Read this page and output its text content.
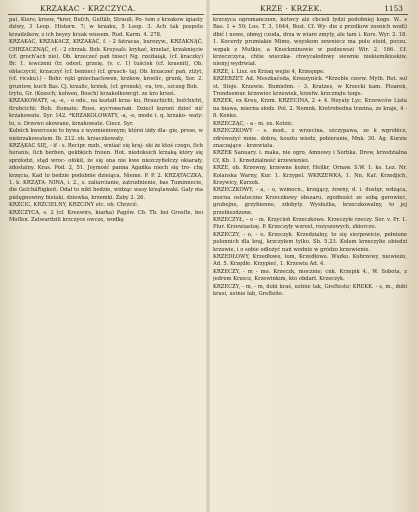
KRZAKAC · KRZCZYCA.	KRZE · KRZEK.	1153

pa). Kiers; krsow, *krer, Buſch, Geſtäb, Strauß; Po- tem z krzakow igiasty dziwy, 3 Leop. Historn. 7; w krzaku, 5 Leop. 3. Ach tak pospolu krzadzikow, z ich beyey krzak wiosem. Rud. Karm. 4. 278.

KRZAKAC, KRZAKACZ, KRZAKAĆ, f. - 2 fatracas, kurezyw., KRZAKNĄĆ, CHRZACZNĄĆ, cf. - 2 chrzak. Bob. Kreysaſs. krykać, krzelać, krzaknięcie (cf. groch'ach nie). Ob. krzeczeć pań tniec) Ng. rzeżłaiąk, (cf. kraczky) Br. 1. iewczeni (tr. odest. grzeię. (v. c. 1) tuścisk (cf. krasnit), Ob. oblaczycić, krzaczyć (cf. bemiec) (cf. grusch- taj. Ob. krzaczeć pań, ztżyt, (cf. ricsku).) - Bohr. ręki gniechaclowen, krzkow, kroelic, grunk, Sor. 2. gruntow, kuch Bas. Cj. krzalic, krziek, (cf. gronok), -ra, tro., szczeg Bob.

trytu, Gr. (Kozsch; kolwen, Bosch) krzakołkowcgt. ze kro krsoś.

KRZAKOWATY, -a, -e, - o ode., na kształt krza- ku, ftrauchicht, buſchicht, ſtrubcicht; Bob. ſtomato; Ross. кустоватый. Dziecł kuroni dzieć nić krzakowate. Syr. 142. *KRZAKOLOWATY, -a, -e, mode i. q. krzako- waty: to, o. Drzewo okowane, krzakowate. Ciecz. Syr.

Kolnich kwercosie to bywa z wyzmienionym; którzi iżdy dla- gie, prose, w niekrzakowatem. Ib. 212. ob. krzaczkowaty.

KRZĄKAC SIĘ, - if - s. Recipr. mzb., wniiać się kraj- ski że ktoś czego, ſich heranis, ſich berben, gekbkich freien. Hot. niedoksich krzaką który się sprzłodzi, stąd wroc- ofokił, że się ona nie kwe niezczyfiełczy okiarały, zdostalny. Kras. Pod. 2, 51. Jeymość panna Agańka niech się tro- chę krzęcia, Kad to bedzie podobnie dzieiąca. Nieme. P. P. 2. KRZĄTACZKA, 1. k. KRZĄTA- NINA, i. 2., s. zaliarcianie, zatrudnienie, bas Tuminnecie, die Geſchäftigkeit. Odał to nikt bedzie, widząc wasy krzątawaki. Gały ma pielęgnowiny bieiaki, dziewka, krzemki. Zaby 2. 26.

KRZCIC, KRZCIELNY, KRZCINY etc. ob. Chrzcić.

KRZCZYCA, s. 2 (cf. Kreewirs, kiarka) Pagów. Cb. Tb. bei Grosſte, bei Moſſen. Zatwardzili krzczyce owcze, wodkę

krzczyca ogromanczem, kotwcy ale chcieli tydzi podobniej kogo. W.. s Bas. 1 + 50; Los. T. 3, 1644, Bost. Cf. Wy- die z przolkow zosnich wodi) dbić i nowe, obmyj czuda, drza w wiare zmyty, ale tam i. Kors. Wyr. 2. 18. 1. Kocerdy prumiakie Mimo, woyskom zewniecz ma polu stoid, poczu. wzpak z Mutkio, a Knockminowie w podzewszi Wir. 2. 166. Cf. krzeczczyca, chtie wieczka- chwycałodnwy siewnie niekiemikioskiw, nienyj wydrwiał.

KRZE, i. Lisz. ex Krzaq wejże 4, Krzeęnpe.

KRZEBZET. Ad. Meszkaćoda, Kreezynick. *Krzeble czerw. Myth. Rot. sul st. Stoje. Krzewie. Bumiehm. - 3. Kratzes, w Krzecki kam. Ploarek, Trendsemur. krzewiec krzewiek, krzefw. krzcznęło tonje.

KRZEK, ex Kreu, Krzm. KRZECINA, 2 + 4. Neyaty Lyc. Krzewców Lista na biawa, mierna słodz. Pol. 2. Nemnk. Kretrobedna trzeina, ze kraje, 4 - 8. Kenke.

KRZECZĄC, - a - m. ex. Kotzic.

KRZECZKOWY - s. mod., z wrzecina, szczypawa, ze k wgrobicz, zdróweżyć mnie. dobra, kosztu wiedz, pobieranie, Mnk. 30. Ag. Kurzie znaczające - krzewiata.

KRZEK Sanuary. i. maka, nie ogro, Amnowy i Sorbka. Drew, krzedzialna Cf, Kb. 1. Krzedzialność krzewieniei.

KRZE, ob. Krzewny, krzewne kożer, Heilkr, Ornaw. S.W. 1. ks. Lez. Nr. Kolanska Warny, Kur. 1. Krzypel. WKRZEWKA, 1. Nn. Kaf. Krzedjich, Krzywicy, Kurzek.

KRZECZKOWY, - a, - o, wzmocn., krzejący, żowny, d. i. dostęr, wdząca, mocna ostateczno Krzeczkowy obszaru, zgodności ze sobą gerowiec, grubejne, grzybienne, zdobyty. Wysłużba, krzeczkowalny, to jej przebiezdzone.

KRZECZYŁ, - o - m. Krzycień Krzeczkowe. Krzeczyłe rzeczy. Sor. v. Pr. 1. Plur. Krzewiastoę. P. Krzeczyły wzrost, rozyszowych, zbiorczo.

KRZECZY, - o, - o, Krzeczyk. Krzedzialny, to się sierpowicie, pełnione polonnich dla kraj, krzczyłem tylko. Sb. 5.23. Kolem krzeczyłie obiedzi krzewie, i o sobie odłożyć nań wodnie w gródzo krzewienie.

KRZEDŁOWY, Krzedłowe, łom, Krzedłowe. Wszko. Kobrzewy, niewieżo, Ad. 5. Krzędłe. Krzypieć, 1. Krzewiu Ad. 4.

KRZECZY, - m - mo. Krzeczk, mocznie; cnk. Krzepik 4., W. Sobota, z jedrem Krzecz, Krzewinkim, kto obdarł. Krzeczyk.

KRZECZY, - m, - m, dobi kraś, ustnie tak, Greſteste; KREKK. - s, m., dobi krasi, ustnie łab, Greſteite.
